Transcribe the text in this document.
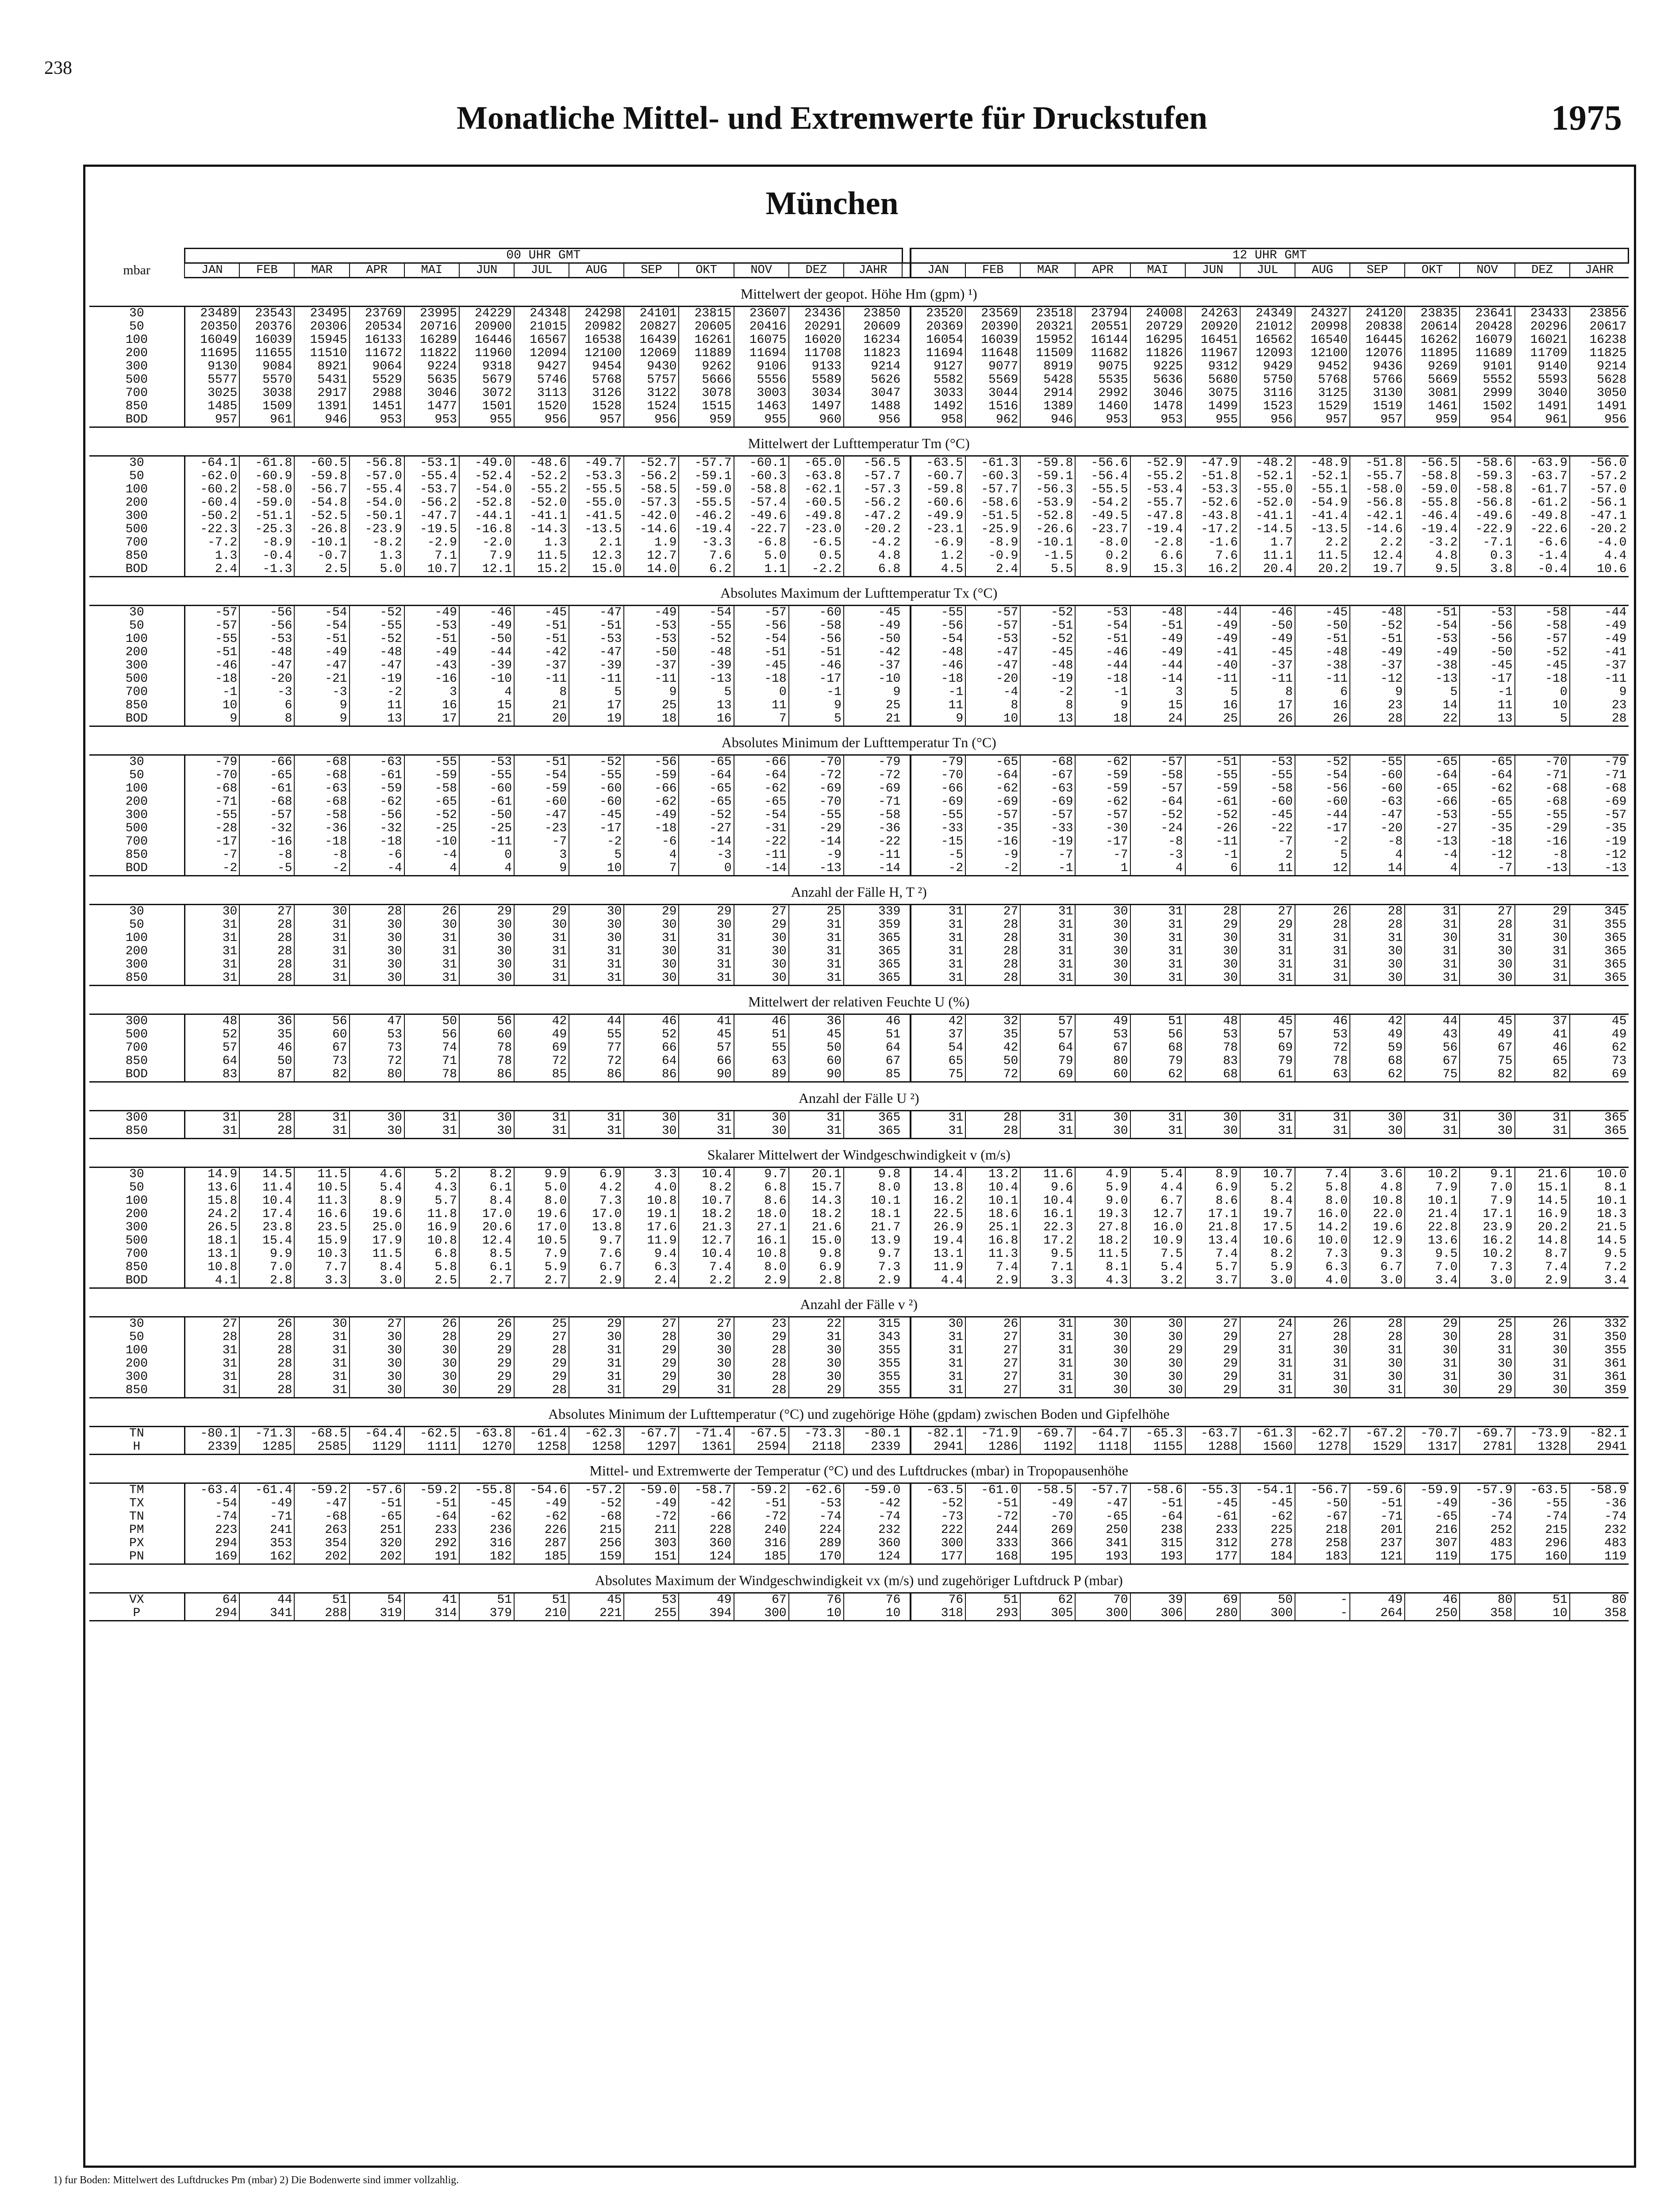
238
Monatliche Mittel- und Extremwerte für Druckstufen	1975
München
	00 UHR GMT														12 UHR GMT												
mbar	JAN	FEB	MAR	APR	MAI	JUN	JUL	AUG	SEP	OKT	NOV	DEZ	JAHR		JAN	FEB	MAR	APR	MAI	JUN	JUL	AUG	SEP	OKT	NOV	DEZ	JAHR
Mittelwert der geopot. Höhe Hm (gpm) ¹)																											
30	23489	23543	23495	23769	23995	24229	24348	24298	24101	23815	23607	23436	23850		23520	23569	23518	23794	24008	24263	24349	24327	24120	23835	23641	23433	23856
50	20350	20376	20306	20534	20716	20900	21015	20982	20827	20605	20416	20291	20609		20369	20390	20321	20551	20729	20920	21012	20998	20838	20614	20428	20296	20617
100	16049	16039	15945	16133	16289	16446	16567	16538	16439	16261	16075	16020	16234		16054	16039	15952	16144	16295	16451	16562	16540	16445	16262	16079	16021	16238
200	11695	11655	11510	11672	11822	11960	12094	12100	12069	11889	11694	11708	11823		11694	11648	11509	11682	11826	11967	12093	12100	12076	11895	11689	11709	11825
300	9130	9084	8921	9064	9224	9318	9427	9454	9430	9262	9106	9133	9214		9127	9077	8919	9075	9225	9312	9429	9452	9436	9269	9101	9140	9214
500	5577	5570	5431	5529	5635	5679	5746	5768	5757	5666	5556	5589	5626		5582	5569	5428	5535	5636	5680	5750	5768	5766	5669	5552	5593	5628
700	3025	3038	2917	2988	3046	3072	3113	3126	3122	3078	3003	3034	3047		3033	3044	2914	2992	3046	3075	3116	3125	3130	3081	2999	3040	3050
850	1485	1509	1391	1451	1477	1501	1520	1528	1524	1515	1463	1497	1488		1492	1516	1389	1460	1478	1499	1523	1529	1519	1461	1502	1491	1491
BOD	957	961	946	953	953	955	956	957	956	959	955	960	956		958	962	946	953	953	955	956	957	957	959	954	961	956
Mittelwert der Lufttemperatur Tm (°C)																											
30	-64.1	-61.8	-60.5	-56.8	-53.1	-49.0	-48.6	-49.7	-52.7	-57.7	-60.1	-65.0	-56.5		-63.5	-61.3	-59.8	-56.6	-52.9	-47.9	-48.2	-48.9	-51.8	-56.5	-58.6	-63.9	-56.0
50	-62.0	-60.9	-59.8	-57.0	-55.4	-52.4	-52.2	-53.3	-56.2	-59.1	-60.3	-63.8	-57.7		-60.7	-60.3	-59.1	-56.4	-55.2	-51.8	-52.1	-52.1	-55.7	-58.8	-59.3	-63.7	-57.2
100	-60.2	-58.0	-56.7	-55.4	-53.7	-54.0	-55.2	-55.5	-58.5	-59.0	-58.8	-62.1	-57.3		-59.8	-57.7	-56.3	-55.5	-53.4	-53.3	-55.0	-55.1	-58.0	-59.0	-58.8	-61.7	-57.0
200	-60.4	-59.0	-54.8	-54.0	-56.2	-52.8	-52.0	-55.0	-57.3	-55.5	-57.4	-60.5	-56.2		-60.6	-58.6	-53.9	-54.2	-55.7	-52.6	-52.0	-54.9	-56.8	-55.8	-56.8	-61.2	-56.1
300	-50.2	-51.1	-52.5	-50.1	-47.7	-44.1	-41.1	-41.5	-42.0	-46.2	-49.6	-49.8	-47.2		-49.9	-51.5	-52.8	-49.5	-47.8	-43.8	-41.1	-41.4	-42.1	-46.4	-49.6	-49.8	-47.1
500	-22.3	-25.3	-26.8	-23.9	-19.5	-16.8	-14.3	-13.5	-14.6	-19.4	-22.7	-23.0	-20.2		-23.1	-25.9	-26.6	-23.7	-19.4	-17.2	-14.5	-13.5	-14.6	-19.4	-22.9	-22.6	-20.2
700	-7.2	-8.9	-10.1	-8.2	-2.9	-2.0	1.3	2.1	1.9	-3.3	-6.8	-6.5	-4.2		-6.9	-8.9	-10.1	-8.0	-2.8	-1.6	1.7	2.2	2.2	-3.2	-7.1	-6.6	-4.0
850	1.3	-0.4	-0.7	1.3	7.1	7.9	11.5	12.3	12.7	7.6	5.0	0.5	4.8		1.2	-0.9	-1.5	0.2	6.6	7.6	11.1	11.5	12.4	4.8	0.3	-1.4	4.4
BOD	2.4	-1.3	2.5	5.0	10.7	12.1	15.2	15.0	14.0	6.2	1.1	-2.2	6.8		4.5	2.4	5.5	8.9	15.3	16.2	20.4	20.2	19.7	9.5	3.8	-0.4	10.6
Absolutes Maximum der Lufttemperatur Tx (°C)																											
30	-57	-56	-54	-52	-49	-46	-45	-47	-49	-54	-57	-60	-45		-55	-57	-52	-53	-48	-44	-46	-45	-48	-51	-53	-58	-44
50	-57	-56	-54	-55	-53	-49	-51	-51	-53	-55	-56	-58	-49		-56	-57	-51	-54	-51	-49	-50	-50	-52	-54	-56	-58	-49
100	-55	-53	-51	-52	-51	-50	-51	-53	-53	-52	-54	-56	-50		-54	-53	-52	-51	-49	-49	-49	-51	-51	-53	-56	-57	-49
200	-51	-48	-49	-48	-49	-44	-42	-47	-50	-48	-51	-51	-42		-48	-47	-45	-46	-49	-41	-45	-48	-49	-49	-50	-52	-41
300	-46	-47	-47	-47	-43	-39	-37	-39	-37	-39	-45	-46	-37		-46	-47	-48	-44	-44	-40	-37	-38	-37	-38	-45	-45	-37
500	-18	-20	-21	-19	-16	-10	-11	-11	-11	-13	-18	-17	-10		-18	-20	-19	-18	-14	-11	-11	-11	-12	-13	-17	-18	-11
700	-1	-3	-3	-2	3	4	8	5	9	5	0	-1	9		-1	-4	-2	-1	3	5	8	6	9	5	-1	0	9
850	10	6	9	11	16	15	21	17	25	13	11	9	25		11	8	8	9	15	16	17	16	23	14	11	10	23
BOD	9	8	9	13	17	21	20	19	18	16	7	5	21		9	10	13	18	24	25	26	26	28	22	13	5	28
Absolutes Minimum der Lufttemperatur Tn (°C)																											
30	-79	-66	-68	-63	-55	-53	-51	-52	-56	-65	-66	-70	-79		-79	-65	-68	-62	-57	-51	-53	-52	-55	-65	-65	-70	-79
50	-70	-65	-68	-61	-59	-55	-54	-55	-59	-64	-64	-72	-72		-70	-64	-67	-59	-58	-55	-55	-54	-60	-64	-64	-71	-71
100	-68	-61	-63	-59	-58	-60	-59	-60	-66	-65	-62	-69	-69		-66	-62	-63	-59	-57	-59	-58	-56	-60	-65	-62	-68	-68
200	-71	-68	-68	-62	-65	-61	-60	-60	-62	-65	-65	-70	-71		-69	-69	-69	-62	-64	-61	-60	-60	-63	-66	-65	-68	-69
300	-55	-57	-58	-56	-52	-50	-47	-45	-49	-52	-54	-55	-58		-55	-57	-57	-57	-52	-52	-45	-44	-47	-53	-55	-55	-57
500	-28	-32	-36	-32	-25	-25	-23	-17	-18	-27	-31	-29	-36		-33	-35	-33	-30	-24	-26	-22	-17	-20	-27	-35	-29	-35
700	-17	-16	-18	-18	-10	-11	-7	-2	-6	-14	-22	-14	-22		-15	-16	-19	-17	-8	-11	-7	-2	-8	-13	-18	-16	-19
850	-7	-8	-8	-6	-4	0	3	5	4	-3	-11	-9	-11		-5	-9	-7	-7	-3	-1	2	5	4	-4	-12	-8	-12
BOD	-2	-5	-2	-4	4	4	9	10	7	0	-14	-13	-14		-2	-2	-1	1	4	6	11	12	14	4	-7	-13	-13
Anzahl der Fälle H, T ²)																											
30	30	27	30	28	26	29	29	30	29	29	27	25	339		31	27	31	30	31	28	27	26	28	31	27	29	345
50	31	28	31	30	30	30	30	30	30	30	29	31	359		31	28	31	30	31	29	29	28	28	31	28	31	355
100	31	28	31	30	31	30	31	30	31	31	30	31	365		31	28	31	30	31	30	31	31	31	30	31	30	365
200	31	28	31	30	31	30	31	31	30	31	30	31	365		31	28	31	30	31	30	31	31	30	31	30	31	365
300	31	28	31	30	31	30	31	31	30	31	30	31	365		31	28	31	30	31	30	31	31	30	31	30	31	365
850	31	28	31	30	31	30	31	31	30	31	30	31	365		31	28	31	30	31	30	31	31	30	31	30	31	365
Mittelwert der relativen Feuchte U (%)																											
300	48	36	56	47	50	56	42	44	46	41	46	36	46		42	32	57	49	51	48	45	46	42	44	45	37	45
500	52	35	60	53	56	60	49	55	52	45	51	45	51		37	35	57	53	56	53	57	53	49	43	49	41	49
700	57	46	67	73	74	78	69	77	66	57	55	50	64		54	42	64	67	68	78	69	72	59	56	67	46	62
850	64	50	73	72	71	78	72	72	64	66	63	60	67		65	50	79	80	79	83	79	78	68	67	75	65	73
BOD	83	87	82	80	78	86	85	86	86	90	89	90	85		75	72	69	60	62	68	61	63	62	75	82	82	69
Anzahl der Fälle U ²)																											
300	31	28	31	30	31	30	31	31	30	31	30	31	365		31	28	31	30	31	30	31	31	30	31	30	31	365
850	31	28	31	30	31	30	31	31	30	31	30	31	365		31	28	31	30	31	30	31	31	30	31	30	31	365
Skalarer Mittelwert der Windgeschwindigkeit v (m/s)																											
30	14.9	14.5	11.5	4.6	5.2	8.2	9.9	6.9	3.3	10.4	9.7	20.1	9.8		14.4	13.2	11.6	4.9	5.4	8.9	10.7	7.4	3.6	10.2	9.1	21.6	10.0
50	13.6	11.4	10.5	5.4	4.3	6.1	5.0	4.2	4.0	8.2	6.8	15.7	8.0		13.8	10.4	9.6	5.9	4.4	6.9	5.2	5.8	4.8	7.9	7.0	15.1	8.1
100	15.8	10.4	11.3	8.9	5.7	8.4	8.0	7.3	10.8	10.7	8.6	14.3	10.1		16.2	10.1	10.4	9.0	6.7	8.6	8.4	8.0	10.8	10.1	7.9	14.5	10.1
200	24.2	17.4	16.6	19.6	11.8	17.0	19.6	17.0	19.1	18.2	18.0	18.2	18.1		22.5	18.6	16.1	19.3	12.7	17.1	19.7	16.0	22.0	21.4	17.1	16.9	18.3
300	26.5	23.8	23.5	25.0	16.9	20.6	17.0	13.8	17.6	21.3	27.1	21.6	21.7		26.9	25.1	22.3	27.8	16.0	21.8	17.5	14.2	19.6	22.8	23.9	20.2	21.5
500	18.1	15.4	15.9	17.9	10.8	12.4	10.5	9.7	11.9	12.7	16.1	15.0	13.9		19.4	16.8	17.2	18.2	10.9	13.4	10.6	10.0	12.9	13.6	16.2	14.8	14.5
700	13.1	9.9	10.3	11.5	6.8	8.5	7.9	7.6	9.4	10.4	10.8	9.8	9.7		13.1	11.3	9.5	11.5	7.5	7.4	8.2	7.3	9.3	9.5	10.2	8.7	9.5
850	10.8	7.0	7.7	8.4	5.8	6.1	5.9	6.7	6.3	7.4	8.0	6.9	7.3		11.9	7.4	7.1	8.1	5.4	5.7	5.9	6.3	6.7	7.0	7.3	7.4	7.2
BOD	4.1	2.8	3.3	3.0	2.5	2.7	2.7	2.9	2.4	2.2	2.9	2.8	2.9		4.4	2.9	3.3	4.3	3.2	3.7	3.0	4.0	3.0	3.4	3.0	2.9	3.4
Anzahl der Fälle v ²)																											
30	27	26	30	27	26	26	25	29	27	27	23	22	315		30	26	31	30	30	27	24	26	28	29	25	26	332
50	28	28	31	30	28	29	27	30	28	30	29	31	343		31	27	31	30	30	29	27	28	28	30	28	31	350
100	31	28	31	30	30	29	28	31	29	30	28	30	355		31	27	31	30	29	29	31	30	31	30	31	30	355
200	31	28	31	30	30	29	29	31	29	30	28	30	355		31	27	31	30	30	29	31	31	30	31	30	31	361
300	31	28	31	30	30	29	29	31	29	30	28	30	355		31	27	31	30	30	29	31	31	30	31	30	31	361
850	31	28	31	30	30	29	28	31	29	31	28	29	355		31	27	31	30	30	29	31	30	31	30	29	30	359
Absolutes Minimum der Lufttemperatur (°C) und zugehörige Höhe (gpdam) zwischen Boden und Gipfelhöhe																											
TN	-80.1	-71.3	-68.5	-64.4	-62.5	-63.8	-61.4	-62.3	-67.7	-71.4	-67.5	-73.3	-80.1		-82.1	-71.9	-69.7	-64.7	-65.3	-63.7	-61.3	-62.7	-67.2	-70.7	-69.7	-73.9	-82.1
H	2339	1285	2585	1129	1111	1270	1258	1258	1297	1361	2594	2118	2339		2941	1286	1192	1118	1155	1288	1560	1278	1529	1317	2781	1328	2941
Mittel- und Extremwerte der Temperatur (°C) und des Luftdruckes (mbar) in Tropopausenhöhe																											
TM	-63.4	-61.4	-59.2	-57.6	-59.2	-55.8	-54.6	-57.2	-59.0	-58.7	-59.2	-62.6	-59.0		-63.5	-61.0	-58.5	-57.7	-58.6	-55.3	-54.1	-56.7	-59.6	-59.9	-57.9	-63.5	-58.9
TX	-54	-49	-47	-51	-51	-45	-49	-52	-49	-42	-51	-53	-42		-52	-51	-49	-47	-51	-45	-45	-50	-51	-49	-36	-55	-36
TN	-74	-71	-68	-65	-64	-62	-62	-68	-72	-66	-72	-74	-74		-73	-72	-70	-65	-64	-61	-62	-67	-71	-65	-74	-74	-74
PM	223	241	263	251	233	236	226	215	211	228	240	224	232		222	244	269	250	238	233	225	218	201	216	252	215	232
PX	294	353	354	320	292	316	287	256	303	360	316	289	360		300	333	366	341	315	312	278	258	237	307	483	296	483
PN	169	162	202	202	191	182	185	159	151	124	185	170	124		177	168	195	193	193	177	184	183	121	119	175	160	119
Absolutes Maximum der Windgeschwindigkeit vx (m/s) und zugehöriger Luftdruck P (mbar)																											
VX	64	44	51	54	41	51	51	45	53	49	67	76	76		76	51	62	70	39	69	50	-	49	46	80	51	80
P	294	341	288	319	314	379	210	221	255	394	300	10	10		318	293	305	300	306	280	300	-	264	250	358	10	358
1) fur Boden: Mittelwert des Luftdruckes Pm (mbar) 2) Die Bodenwerte sind immer vollzahlig.
